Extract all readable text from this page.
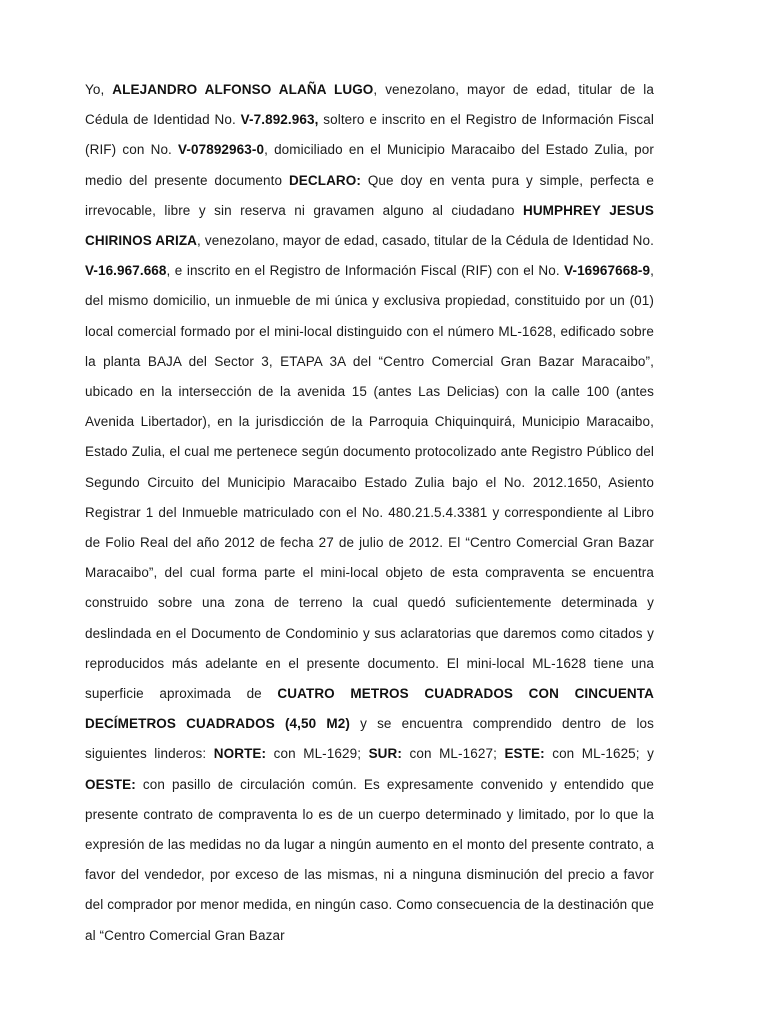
Yo, ALEJANDRO ALFONSO ALAÑA LUGO, venezolano, mayor de edad, titular de la Cédula de Identidad No. V-7.892.963, soltero e inscrito en el Registro de Información Fiscal (RIF) con No. V-07892963-0, domiciliado en el Municipio Maracaibo del Estado Zulia, por medio del presente documento DECLARO: Que doy en venta pura y simple, perfecta e irrevocable, libre y sin reserva ni gravamen alguno al ciudadano HUMPHREY JESUS CHIRINOS ARIZA, venezolano, mayor de edad, casado, titular de la Cédula de Identidad No. V-16.967.668, e inscrito en el Registro de Información Fiscal (RIF) con el No. V-16967668-9, del mismo domicilio, un inmueble de mi única y exclusiva propiedad, constituido por un (01) local comercial formado por el mini-local distinguido con el número ML-1628, edificado sobre la planta BAJA del Sector 3, ETAPA 3A del “Centro Comercial Gran Bazar Maracaibo”, ubicado en la intersección de la avenida 15 (antes Las Delicias) con la calle 100 (antes Avenida Libertador), en la jurisdicción de la Parroquia Chiquinquirá, Municipio Maracaibo, Estado Zulia, el cual me pertenece según documento protocolizado ante Registro Público del Segundo Circuito del Municipio Maracaibo Estado Zulia bajo el No. 2012.1650, Asiento Registrar 1 del Inmueble matriculado con el No. 480.21.5.4.3381 y correspondiente al Libro de Folio Real del año 2012 de fecha 27 de julio de 2012. El “Centro Comercial Gran Bazar Maracaibo”, del cual forma parte el mini-local objeto de esta compraventa se encuentra construido sobre una zona de terreno la cual quedó suficientemente determinada y deslindada en el Documento de Condominio y sus aclaratorias que daremos como citados y reproducidos más adelante en el presente documento. El mini-local ML-1628 tiene una superficie aproximada de CUATRO METROS CUADRADOS CON CINCUENTA DECÍMETROS CUADRADOS (4,50 M2) y se encuentra comprendido dentro de los siguientes linderos: NORTE: con ML-1629; SUR: con ML-1627; ESTE: con ML-1625; y OESTE: con pasillo de circulación común. Es expresamente convenido y entendido que presente contrato de compraventa lo es de un cuerpo determinado y limitado, por lo que la expresión de las medidas no da lugar a ningún aumento en el monto del presente contrato, a favor del vendedor, por exceso de las mismas, ni a ninguna disminución del precio a favor del comprador por menor medida, en ningún caso. Como consecuencia de la destinación que al “Centro Comercial Gran Bazar
